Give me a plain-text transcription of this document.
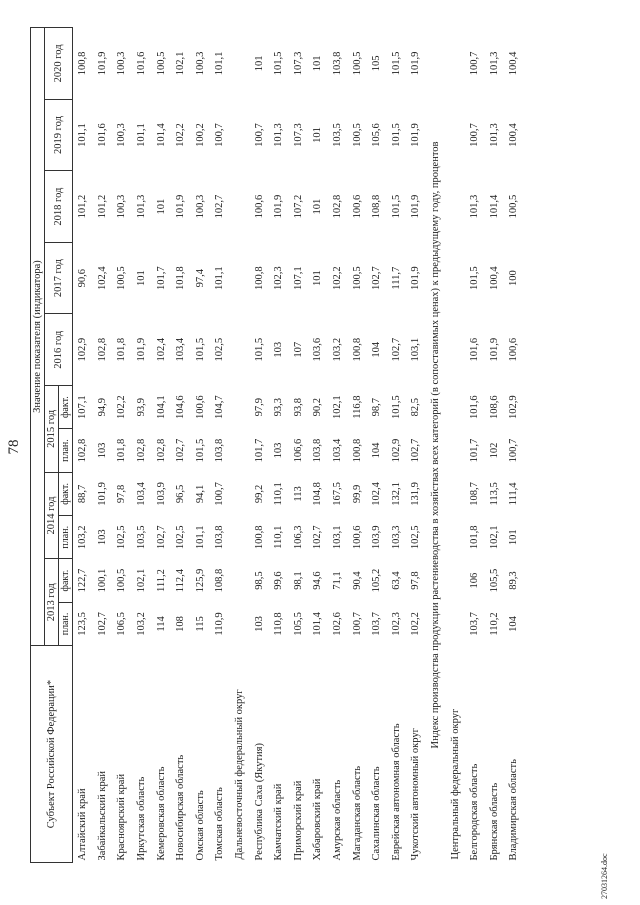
78
Субъект Российской Федерации*	Значение показателя (индикатора)										
	2013 год		2014 год		2015 год		2016 год	2017 год	2018 год	2019 год	2020 год
	план.	факт.	план.	факт.	план.	факт.					
Алтайский край	123,5	122,7	103,2	88,7	102,8	107,1	102,9	90,6	101,2	101,1	100,8
Забайкальский край	102,7	100,1	103	101,9	103	94,9	102,8	102,4	101,2	101,6	101,9
Красноярский край	106,5	100,5	102,5	97,8	101,8	102,2	101,8	100,5	100,3	100,3	100,3
Иркутская область	103,2	102,1	103,5	103,4	102,8	93,9	101,9	101	101,3	101,1	101,6
Кемеровская область	114	111,2	102,7	103,9	102,8	104,1	102,4	101,7	101	101,4	100,5
Новосибирская область	108	112,4	102,5	96,5	102,7	104,6	103,4	101,8	101,9	102,2	102,1
Омская область	115	125,9	101,1	94,1	101,5	100,6	101,5	97,4	100,3	100,2	100,3
Томская область	110,9	108,8	103,8	100,7	103,8	104,7	102,5	101,1	102,7	100,7	101,1
Дальневосточный федеральный округ											
Республика Саха (Якутия)	103	98,5	100,8	99,2	101,7	97,9	101,5	100,8	100,6	100,7	101
Камчатский край	110,8	99,6	110,1	110,1	103	93,3	103	102,3	101,9	101,3	101,5
Приморский край	105,5	98,1	106,3	113	106,6	93,8	107	107,1	107,2	107,3	107,3
Хабаровский край	101,4	94,6	102,7	104,8	103,8	90,2	103,6	101	101	101	101
Амурская область	102,6	71,1	103,1	167,5	103,4	102,1	103,2	102,2	102,8	103,5	103,8
Магаданская область	100,7	90,4	100,6	99,9	100,8	116,8	100,8	100,5	100,6	100,5	100,5
Сахалинская область	103,7	105,2	103,9	102,4	104	98,7	104	102,7	108,8	105,6	105
Еврейская автономная область	102,3	63,4	103,3	132,1	102,9	101,5	102,7	111,7	101,5	101,5	101,5
Чукотский автономный округ	102,2	97,8	102,5	131,9	102,7	82,5	103,1	101,9	101,9	101,9	101,9
Индекс производства продукции растениеводства в хозяйствах всех категорий (в сопоставимых ценах) к предыдущему году, процентов											
Центральный федеральный округ											
Белгородская область	103,7	106	101,8	108,7	101,7	101,6	101,6	101,5	101,3	100,7	100,7
Брянская область	110,2	105,5	102,1	113,5	102	108,6	101,9	100,4	101,4	101,3	101,3
Владимирская область	104	89,3	101	111,4	100,7	102,9	100,6	100	100,5	100,4	100,4
27031264.doc
